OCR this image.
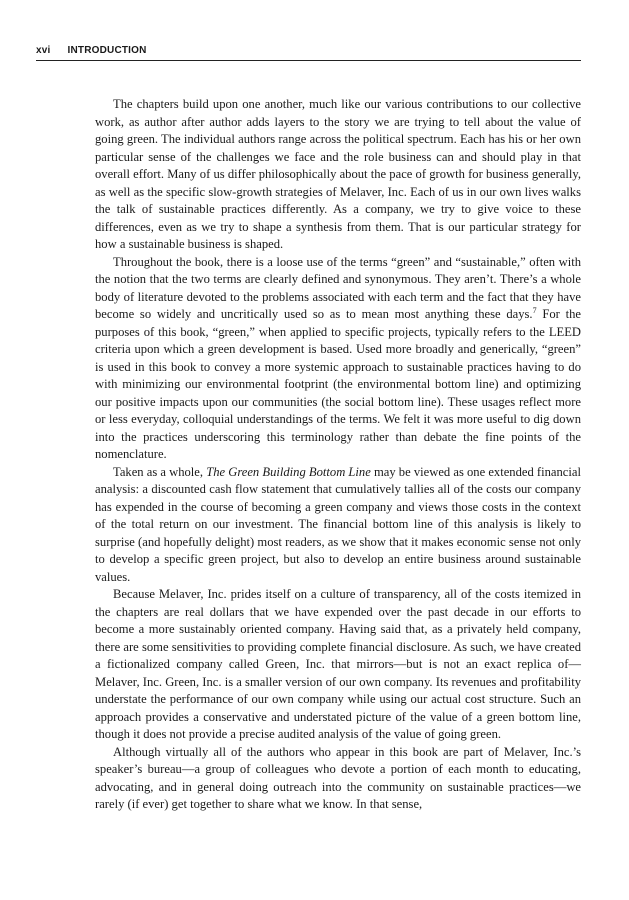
xvi INTRODUCTION

The chapters build upon one another, much like our various contributions to our collective work, as author after author adds layers to the story we are trying to tell about the value of going green. The individual authors range across the political spectrum. Each has his or her own particular sense of the challenges we face and the role business can and should play in that overall effort. Many of us differ philosophically about the pace of growth for business generally, as well as the specific slow-growth strategies of Melaver, Inc. Each of us in our own lives walks the talk of sustainable practices differently. As a company, we try to give voice to these differences, even as we try to shape a synthesis from them. That is our particular strategy for how a sustainable business is shaped.

Throughout the book, there is a loose use of the terms “green” and “sustainable,” often with the notion that the two terms are clearly defined and synonymous. They aren’t. There’s a whole body of literature devoted to the problems associated with each term and the fact that they have become so widely and uncritically used so as to mean most anything these days.$^7$ For the purposes of this book, “green,” when applied to specific projects, typically refers to the LEED criteria upon which a green development is based. Used more broadly and generically, “green” is used in this book to convey a more systemic approach to sustainable practices having to do with minimizing our environmental footprint (the environmental bottom line) and optimizing our positive impacts upon our communities (the social bottom line). These usages reflect more or less everyday, colloquial understandings of the terms. We felt it was more useful to dig down into the practices underscoring this terminology rather than debate the fine points of the nomenclature.

Taken as a whole, The Green Building Bottom Line may be viewed as one extended financial analysis: a discounted cash flow statement that cumulatively tallies all of the costs our company has expended in the course of becoming a green company and views those costs in the context of the total return on our investment. The financial bottom line of this analysis is likely to surprise (and hopefully delight) most readers, as we show that it makes economic sense not only to develop a specific green project, but also to develop an entire business around sustainable values.

Because Melaver, Inc. prides itself on a culture of transparency, all of the costs itemized in the chapters are real dollars that we have expended over the past decade in our efforts to become a more sustainably oriented company. Having said that, as a privately held company, there are some sensitivities to providing complete financial disclosure. As such, we have created a fictionalized company called Green, Inc. that mirrors—but is not an exact replica of—Melaver, Inc. Green, Inc. is a smaller version of our own company. Its revenues and profitability understate the performance of our own company while using our actual cost structure. Such an approach provides a conservative and understated picture of the value of a green bottom line, though it does not provide a precise audited analysis of the value of going green.

Although virtually all of the authors who appear in this book are part of Melaver, Inc.’s speaker’s bureau—a group of colleagues who devote a portion of each month to educating, advocating, and in general doing outreach into the community on sustainable practices—we rarely (if ever) get together to share what we know. In that sense,
